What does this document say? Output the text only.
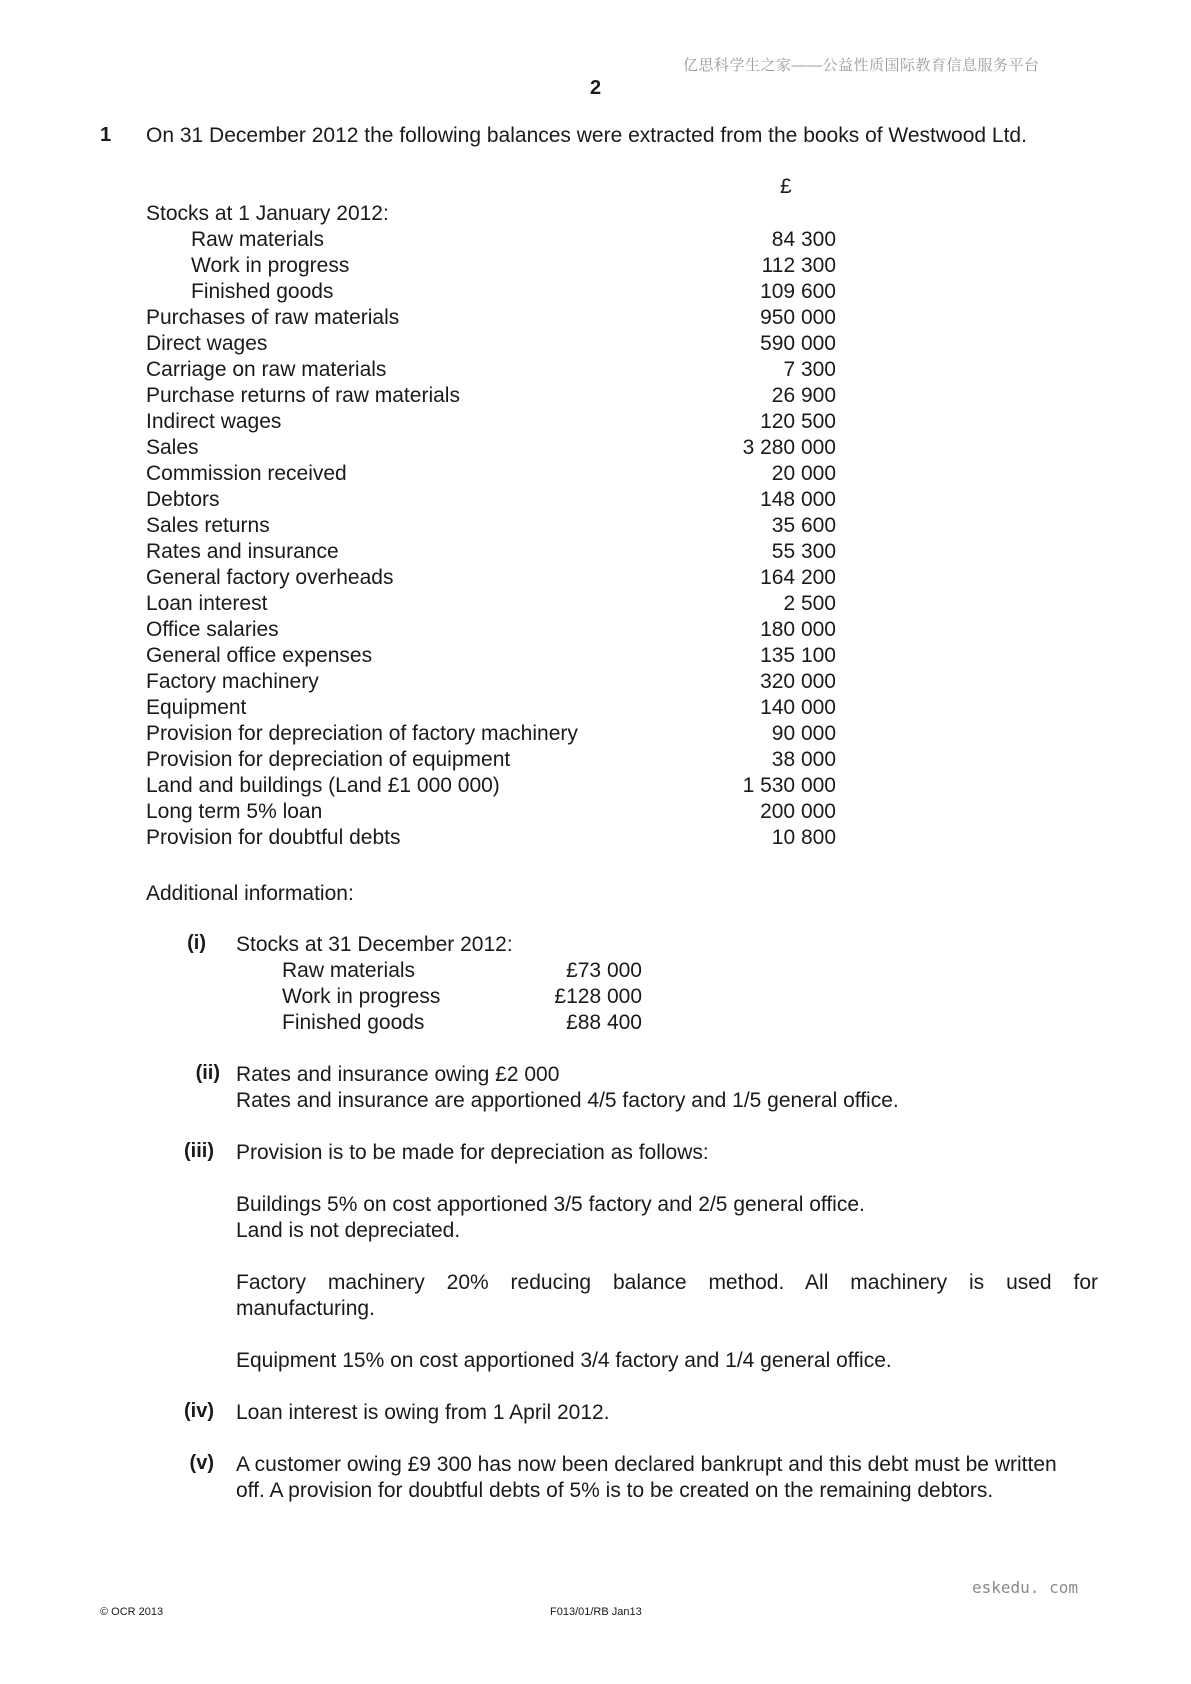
亿思科学生之家——公益性质国际教育信息服务平台
2
1 On 31 December 2012 the following balances were extracted from the books of Westwood Ltd.
£
Stocks at 1 January 2012:
Raw materials	84 300
Work in progress	112 300
Finished goods	109 600
Purchases of raw materials	950 000
Direct wages	590 000
Carriage on raw materials	7 300
Purchase returns of raw materials	26 900
Indirect wages	120 500
Sales	3 280 000
Commission received	20 000
Debtors	148 000
Sales returns	35 600
Rates and insurance	55 300
General factory overheads	164 200
Loan interest	2 500
Office salaries	180 000
General office expenses	135 100
Factory machinery	320 000
Equipment	140 000
Provision for depreciation of factory machinery	90 000
Provision for depreciation of equipment	38 000
Land and buildings (Land £1 000 000)	1 530 000
Long term 5% loan	200 000
Provision for doubtful debts	10 800
Additional information:
(i) Stocks at 31 December 2012:
Raw materials	£73 000
Work in progress	£128 000
Finished goods	£88 400
(ii) Rates and insurance owing £2 000
Rates and insurance are apportioned 4/5 factory and 1/5 general office.
(iii) Provision is to be made for depreciation as follows:
Buildings 5% on cost apportioned 3/5 factory and 2/5 general office.
Land is not depreciated.
Factory machinery 20% reducing balance method. All machinery is used for
manufacturing.
Equipment 15% on cost apportioned 3/4 factory and 1/4 general office.
(iv) Loan interest is owing from 1 April 2012.
(v) A customer owing £9 300 has now been declared bankrupt and this debt must be written
off. A provision for doubtful debts of 5% is to be created on the remaining debtors.
eskedu. com
© OCR 2013	F013/01/RB Jan13
